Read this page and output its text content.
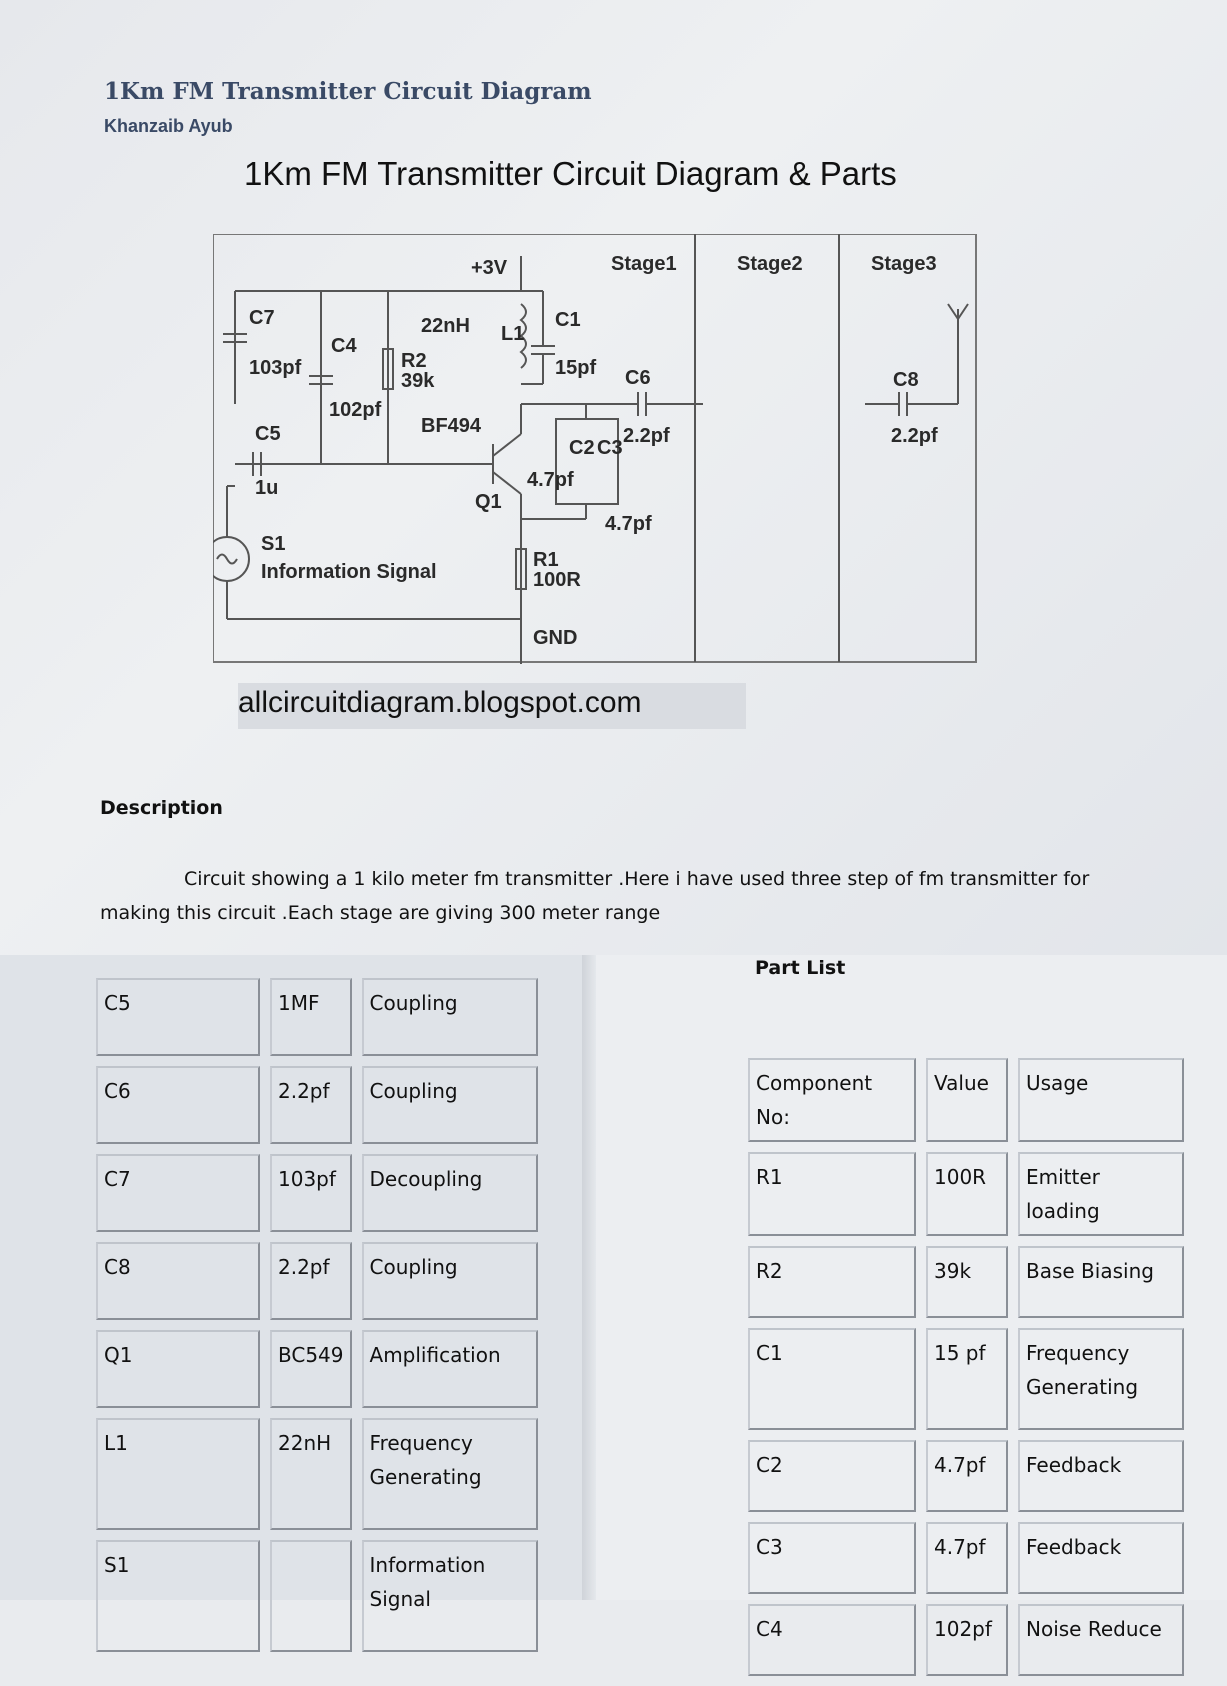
1Km FM Transmitter Circuit Diagram
Khanzaib Ayub
1Km FM Transmitter Circuit Diagram & Parts
+3V	Stage1	Stage2	Stage3
C7
103pf
C4
102pf
R2
39k
22nH L1
C1
15pf C6
2.2pf
BF494
C5
1u
C2 C3
4.7pf
4.7pf
Q1
S1
Information Signal
R1
100R
GND
C8
2.2pf
allcircuitdiagram.blogspot.com
Description
Circuit showing a 1 kilo meter fm transmitter .Here i have used three step of fm transmitter for making this circuit .Each stage are giving 300 meter range
Part List
C5	1MF	Coupling
C6	2.2pf	Coupling
C7	103pf	Decoupling
C8	2.2pf	Coupling
Q1	BC549	Amplification
L1	22nH	Frequency Generating
S1		Information Signal
Component No:	Value	Usage
R1	100R	Emitter loading
R2	39k	Base Biasing
C1	15 pf	Frequency Generating
C2	4.7pf	Feedback
C3	4.7pf	Feedback
C4	102pf	Noise Reduce
